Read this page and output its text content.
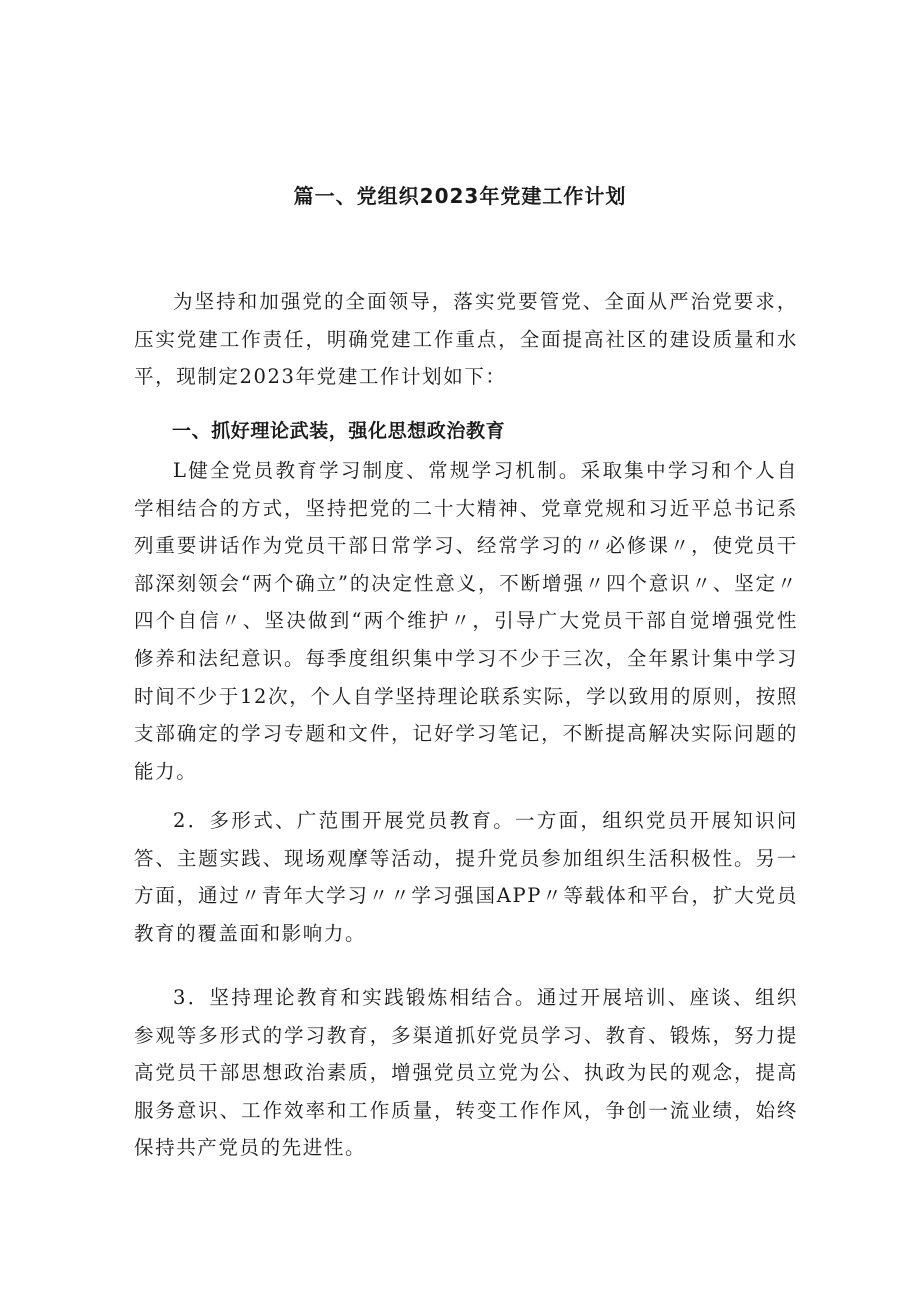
篇一、党组织2023年党建工作计划

为坚持和加强党的全面领导，落实党要管党、全面从严治党要求，压实党建工作责任，明确党建工作重点，全面提高社区的建设质量和水平，现制定2023年党建工作计划如下：

一、抓好理论武装，强化思想政治教育

L健全党员教育学习制度、常规学习机制。采取集中学习和个人自学相结合的方式，坚持把党的二十大精神、党章党规和习近平总书记系列重要讲话作为党员干部日常学习、经常学习的〃必修课〃，使党员干部深刻领会“两个确立”的决定性意义，不断增强〃四个意识〃、坚定〃四个自信〃、坚决做到“两个维护〃，引导广大党员干部自觉增强党性修养和法纪意识。每季度组织集中学习不少于三次，全年累计集中学习时间不少于12次，个人自学坚持理论联系实际，学以致用的原则，按照支部确定的学习专题和文件，记好学习笔记，不断提高解决实际问题的能力。

2．多形式、广范围开展党员教育。一方面，组织党员开展知识问答、主题实践、现场观摩等活动，提升党员参加组织生活积极性。另一方面，通过〃青年大学习〃〃学习强国APP〃等载体和平台，扩大党员教育的覆盖面和影响力。

3．坚持理论教育和实践锻炼相结合。通过开展培训、座谈、组织参观等多形式的学习教育，多渠道抓好党员学习、教育、锻炼，努力提高党员干部思想政治素质，增强党员立党为公、执政为民的观念，提高服务意识、工作效率和工作质量，转变工作作风，争创一流业绩，始终保持共产党员的先进性。
